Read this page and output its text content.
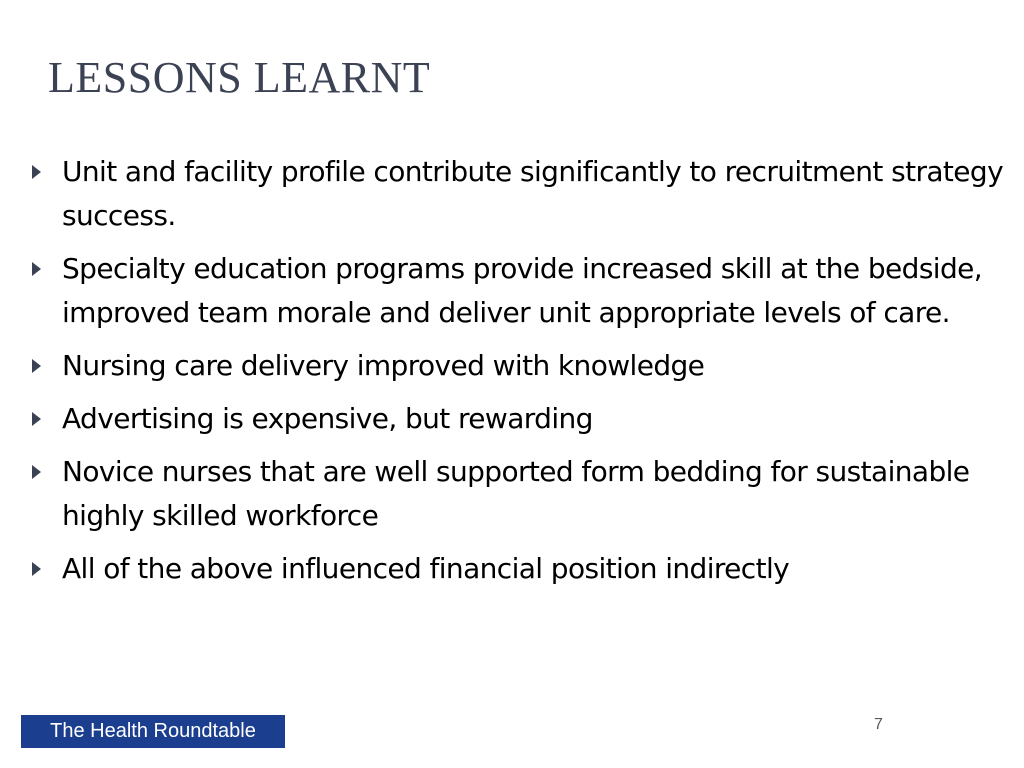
LESSONS LEARNT
Unit and facility profile contribute significantly to recruitment strategy success.
Specialty education programs provide increased skill at the bedside, improved team morale and deliver unit appropriate levels of care.
Nursing care delivery improved with knowledge
Advertising is expensive, but rewarding
Novice nurses that are well supported form bedding for sustainable highly skilled workforce
All of the above influenced financial position indirectly
The Health Roundtable	7
